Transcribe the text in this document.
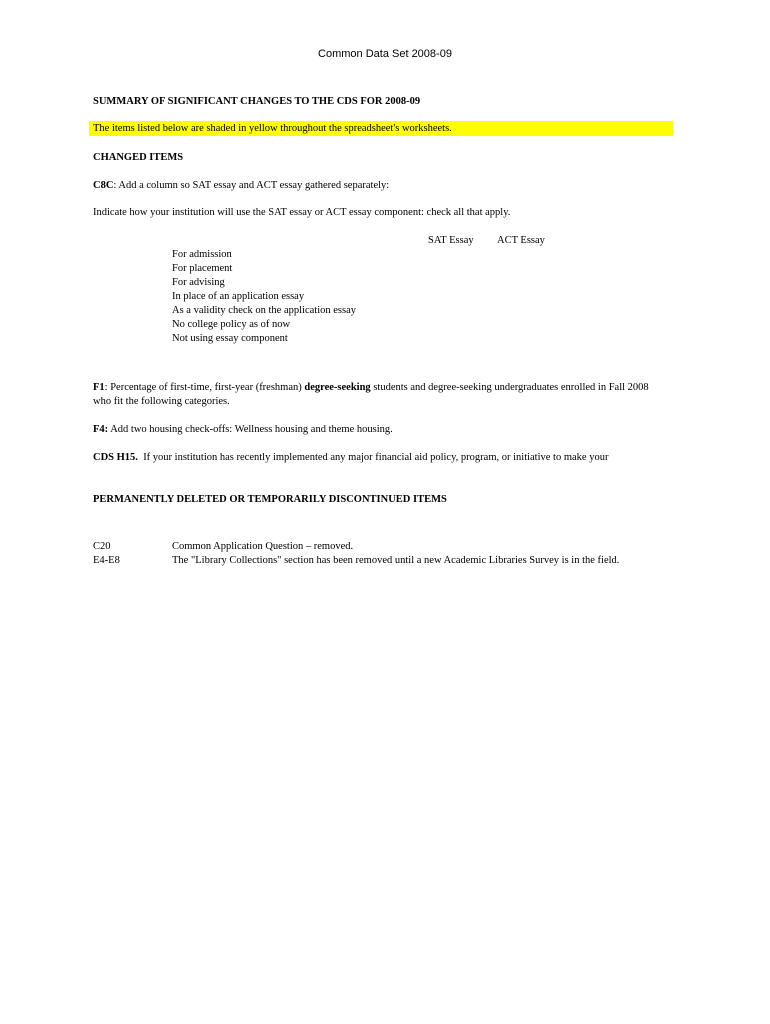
Common Data Set 2008-09
SUMMARY OF SIGNIFICANT CHANGES TO THE CDS FOR 2008-09
The items listed below are shaded in yellow throughout the spreadsheet's worksheets.
CHANGED ITEMS
C8C: Add a column so SAT essay and ACT essay gathered separately:
Indicate how your institution will use the SAT essay or ACT essay component: check all that apply.
SAT Essay ACT Essay
For admission
For placement
For advising
In place of an application essay
As a validity check on the application essay
No college policy as of now
Not using essay component
F1: Percentage of first-time, first-year (freshman) degree-seeking students and degree-seeking undergraduates enrolled in Fall 2008
who fit the following categories.
F4: Add two housing check-offs: Wellness housing and theme housing.
CDS H15.  If your institution has recently implemented any major financial aid policy, program, or initiative to make your
PERMANENTLY DELETED OR TEMPORARILY DISCONTINUED ITEMS
C20	Common Application Question – removed.
E4-E8	The "Library Collections" section has been removed until a new Academic Libraries Survey is in the field.
